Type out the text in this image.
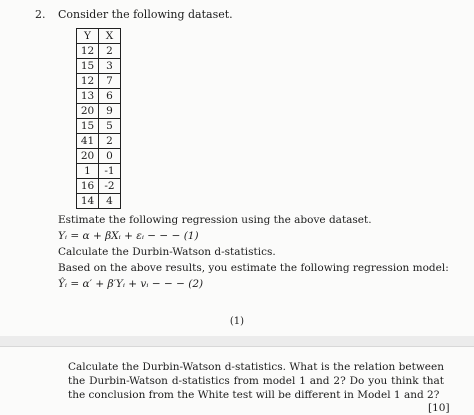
2. Consider the following dataset.
Y	X
12	2
15	3
12	7
13	6
20	9
15	5
41	2
20	0
1	-1
16	-2
14	4
Estimate the following regression using the above dataset.
Yᵢ = α + βXᵢ + εᵢ − − − (1)
Calculate the Durbin-Watson d-statistics.
Based on the above results, you estimate the following regression model:
Ŷᵢ = α′ + β′Yᵢ + vᵢ − − − (2)
(1)
Calculate the Durbin-Watson d-statistics. What is the relation between the Durbin-Watson d-statistics from model 1 and 2? Do you think that the conclusion from the White test will be different in Model 1 and 2?
[10]
